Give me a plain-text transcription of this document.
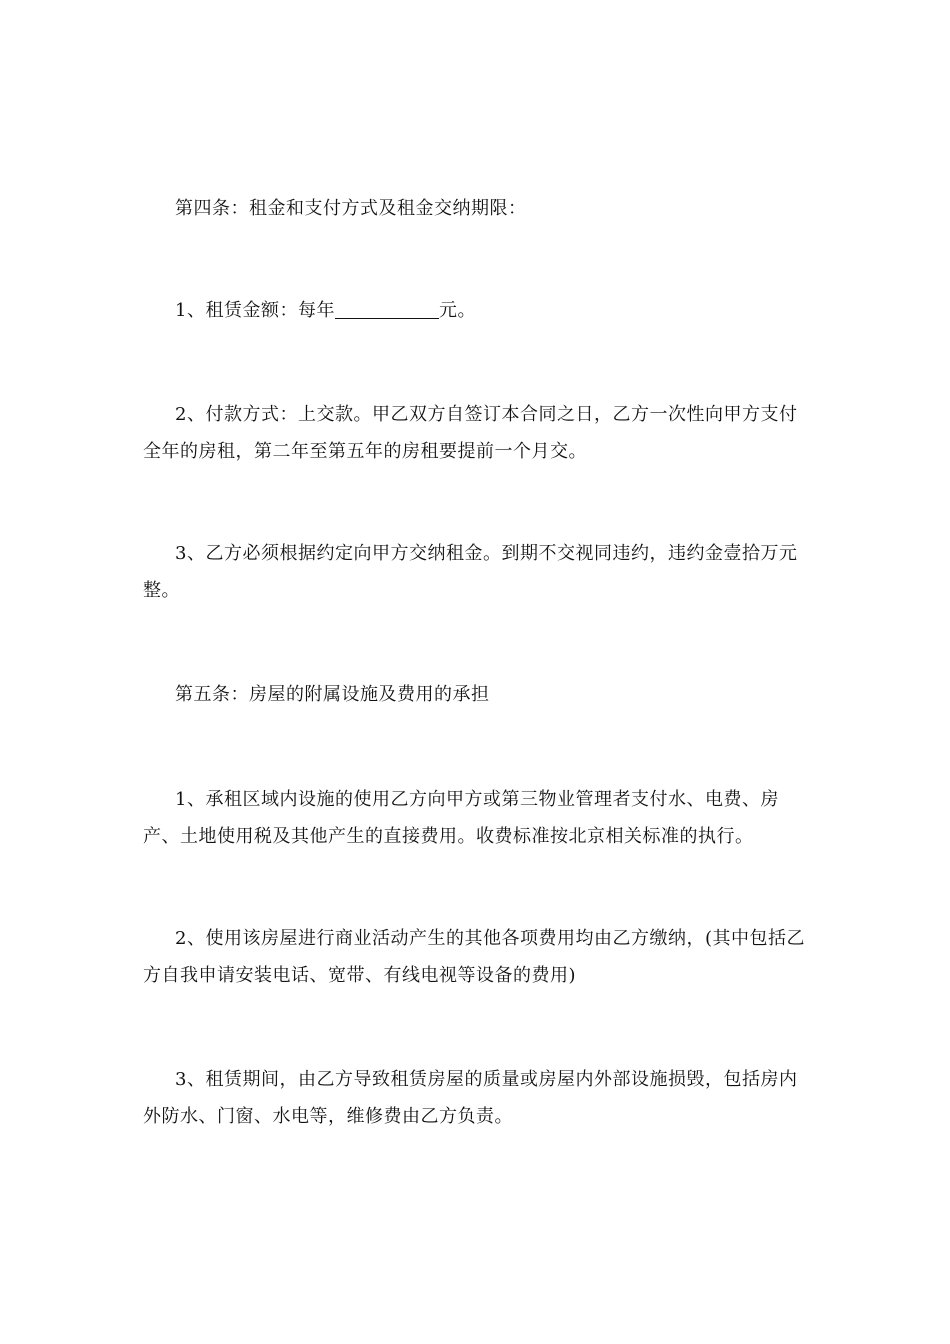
第四条：租金和支付方式及租金交纳期限：

1、租赁金额：每年	元。

2、付款方式：上交款。甲乙双方自签订本合同之日，乙方一次性向甲方支付全年的房租，第二年至第五年的房租要提前一个月交。

3、乙方必须根据约定向甲方交纳租金。到期不交视同违约，违约金壹拾万元整。

第五条：房屋的附属设施及费用的承担

1、承租区域内设施的使用乙方向甲方或第三物业管理者支付水、电费、房产、土地使用税及其他产生的直接费用。收费标准按北京相关标准的执行。

2、使用该房屋进行商业活动产生的其他各项费用均由乙方缴纳，(其中包括乙方自我申请安装电话、宽带、有线电视等设备的费用)

3、租赁期间，由乙方导致租赁房屋的质量或房屋内外部设施损毁，包括房内外防水、门窗、水电等，维修费由乙方负责。
